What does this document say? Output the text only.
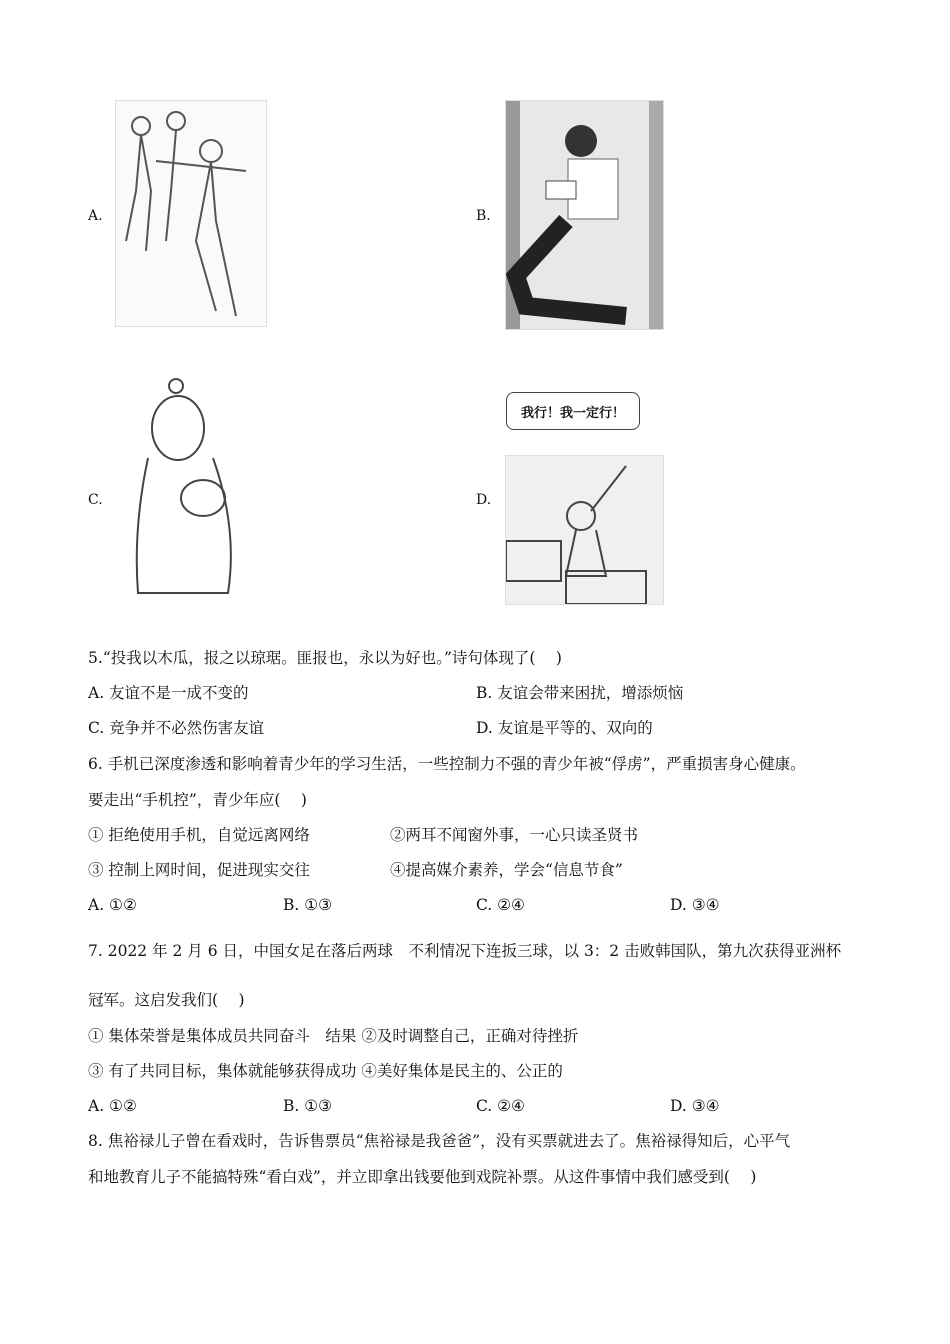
A.	B.
C.	D.
我行！我一定行！
5.“投我以木瓜，报之以琼琚。匪报也，永以为好也。”诗句体现了(　 )
A. 友谊不是一成不变的	B. 友谊会带来困扰，增添烦恼
C. 竞争并不必然伤害友谊	D. 友谊是平等的、双向的
6. 手机已深度渗透和影响着青少年的学习生活，一些控制力不强的青少年被“俘虏”，严重损害身心健康。
要走出“手机控”，青少年应(　 )
① 拒绝使用手机，自觉远离网络	②两耳不闻窗外事，一心只读圣贤书
③ 控制上网时间，促进现实交往	④提高媒介素养，学会“信息节食”
A. ①②	B. ①③	C. ②④	D. ③④
7. 2022 年 2 月 6 日，中国女足在落后两球　不利情况下连扳三球，以 3：2 击败韩国队，第九次获得亚洲杯
冠军。这启发我们(　 )
① 集体荣誉是集体成员共同奋斗　结果 ②及时调整自己，正确对待挫折
③ 有了共同目标，集体就能够获得成功 ④美好集体是民主的、公正的
A. ①②	B. ①③	C. ②④	D. ③④
8. 焦裕禄儿子曾在看戏时，告诉售票员“焦裕禄是我爸爸”，没有买票就进去了。焦裕禄得知后，心平气
和地教育儿子不能搞特殊“看白戏”，并立即拿出钱要他到戏院补票。从这件事情中我们感受到(　 )
